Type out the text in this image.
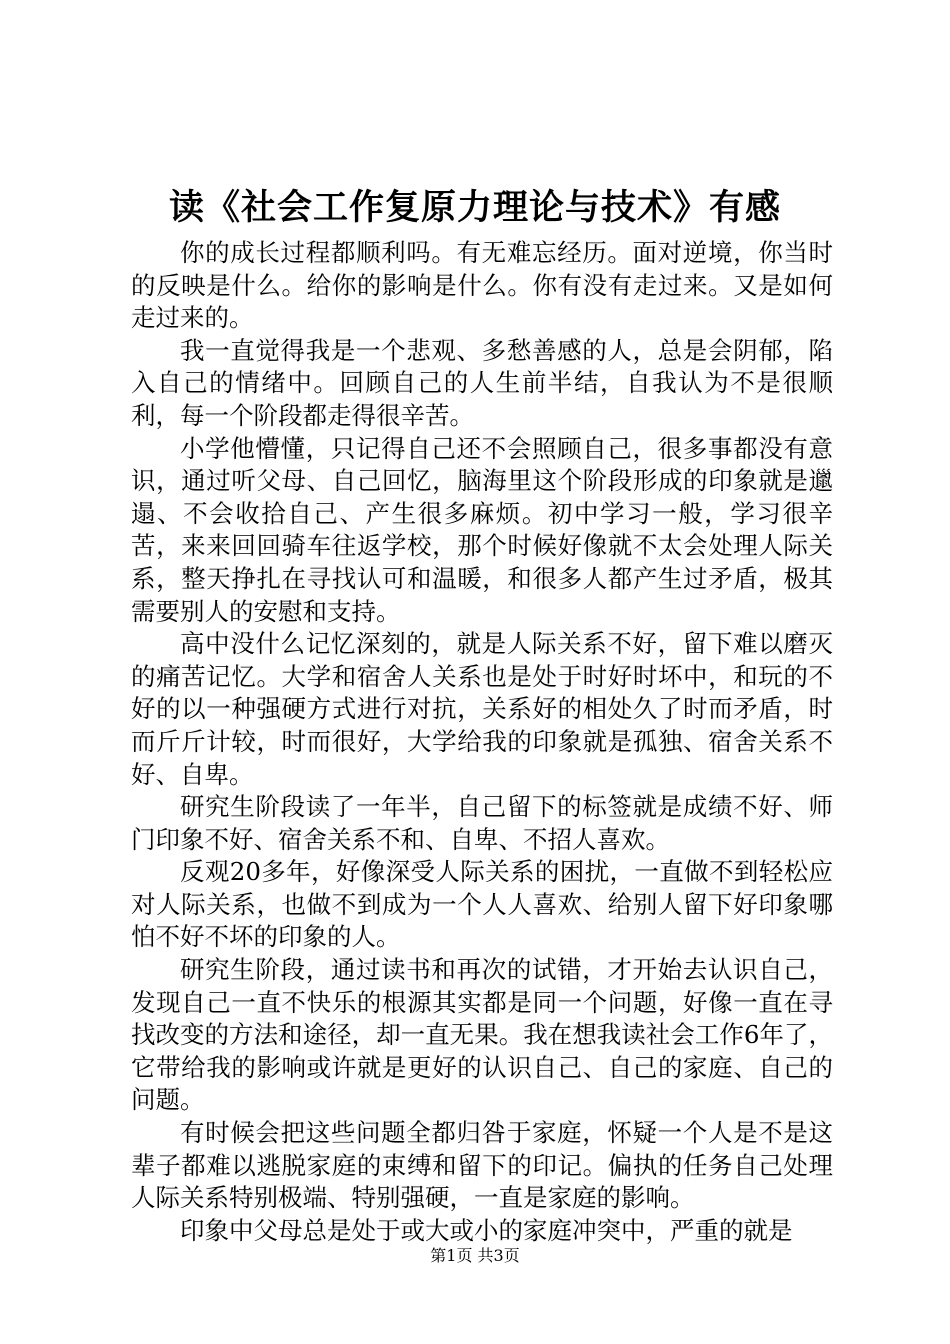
读《社会工作复原力理论与技术》有感

你的成长过程都顺利吗。有无难忘经历。面对逆境，你当时的反映是什么。给你的影响是什么。你有没有走过来。又是如何走过来的。

我一直觉得我是一个悲观、多愁善感的人，总是会阴郁，陷入自己的情绪中。回顾自己的人生前半结，自我认为不是很顺利，每一个阶段都走得很辛苦。

小学他懵懂，只记得自己还不会照顾自己，很多事都没有意识，通过听父母、自己回忆，脑海里这个阶段形成的印象就是邋遢、不会收拾自己、产生很多麻烦。初中学习一般，学习很辛苦，来来回回骑车往返学校，那个时候好像就不太会处理人际关系，整天挣扎在寻找认可和温暖，和很多人都产生过矛盾，极其需要别人的安慰和支持。

高中没什么记忆深刻的，就是人际关系不好，留下难以磨灭的痛苦记忆。大学和宿舍人关系也是处于时好时坏中，和玩的不好的以一种强硬方式进行对抗，关系好的相处久了时而矛盾，时而斤斤计较，时而很好，大学给我的印象就是孤独、宿舍关系不好、自卑。

研究生阶段读了一年半，自己留下的标签就是成绩不好、师门印象不好、宿舍关系不和、自卑、不招人喜欢。

反观20多年，好像深受人际关系的困扰，一直做不到轻松应对人际关系，也做不到成为一个人人喜欢、给别人留下好印象哪怕不好不坏的印象的人。

研究生阶段，通过读书和再次的试错，才开始去认识自己，发现自己一直不快乐的根源其实都是同一个问题，好像一直在寻找改变的方法和途径，却一直无果。我在想我读社会工作6年了，它带给我的影响或许就是更好的认识自己、自己的家庭、自己的问题。

有时候会把这些问题全都归咎于家庭，怀疑一个人是不是这辈子都难以逃脱家庭的束缚和留下的印记。偏执的任务自己处理人际关系特别极端、特别强硬，一直是家庭的影响。

印象中父母总是处于或大或小的家庭冲突中，严重的就是

第1页 共3页
